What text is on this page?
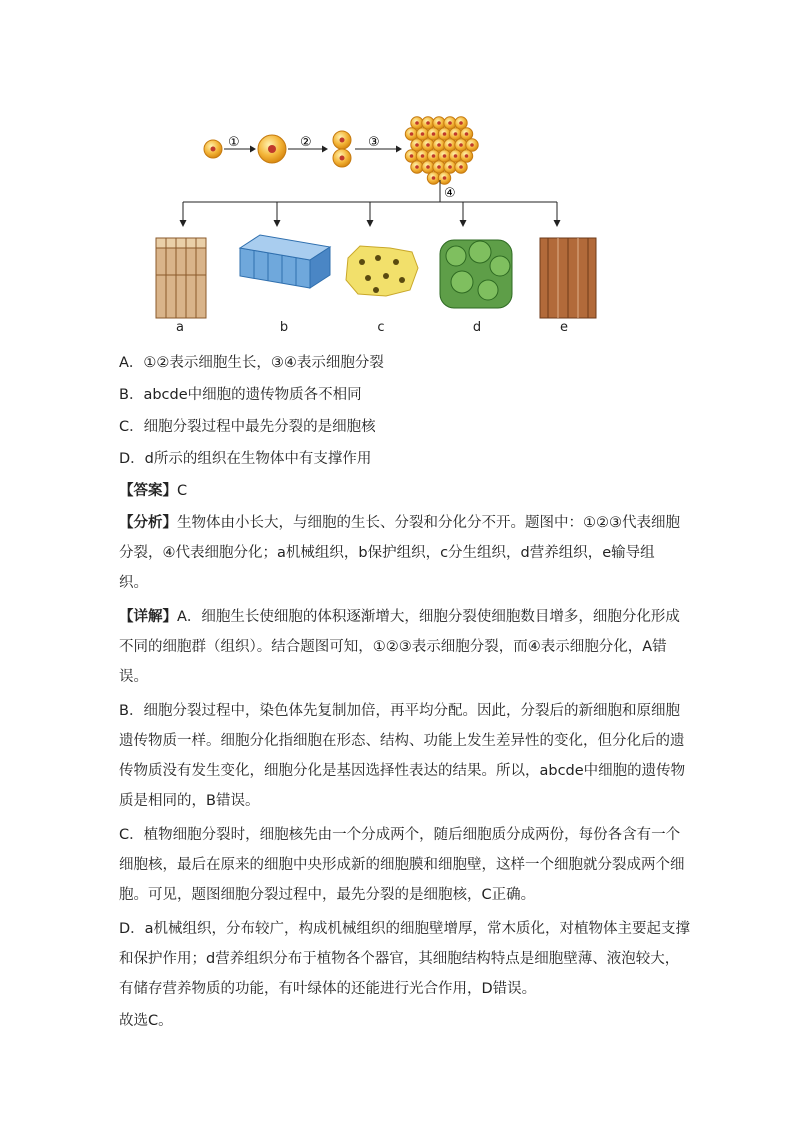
①	②	③
④
a	b	c	d	e
A．①②表示细胞生长，③④表示细胞分裂
B．abcde中细胞的遗传物质各不相同
C．细胞分裂过程中最先分裂的是细胞核
D．d所示的组织在生物体中有支撑作用
【答案】C
【分析】生物体由小长大，与细胞的生长、分裂和分化分不开。题图中：①②③代表细胞
分裂，④代表细胞分化；a机械组织，b保护组织，c分生组织，d营养组织，e输导组
织。
【详解】A．细胞生长使细胞的体积逐渐增大，细胞分裂使细胞数目增多，细胞分化形成
不同的细胞群（组织）。结合题图可知，①②③表示细胞分裂，而④表示细胞分化，A错
误。
B．细胞分裂过程中，染色体先复制加倍，再平均分配。因此，分裂后的新细胞和原细胞
遗传物质一样。细胞分化指细胞在形态、结构、功能上发生差异性的变化，但分化后的遗
传物质没有发生变化，细胞分化是基因选择性表达的结果。所以，abcde中细胞的遗传物
质是相同的，B错误。
C．植物细胞分裂时，细胞核先由一个分成两个，随后细胞质分成两份，每份各含有一个
细胞核，最后在原来的细胞中央形成新的细胞膜和细胞壁，这样一个细胞就分裂成两个细
胞。可见，题图细胞分裂过程中，最先分裂的是细胞核，C正确。
D．a机械组织，分布较广，构成机械组织的细胞壁增厚，常木质化，对植物体主要起支撑
和保护作用；d营养组织分布于植物各个器官，其细胞结构特点是细胞壁薄、液泡较大，
有储存营养物质的功能，有叶绿体的还能进行光合作用，D错误。
故选C。
